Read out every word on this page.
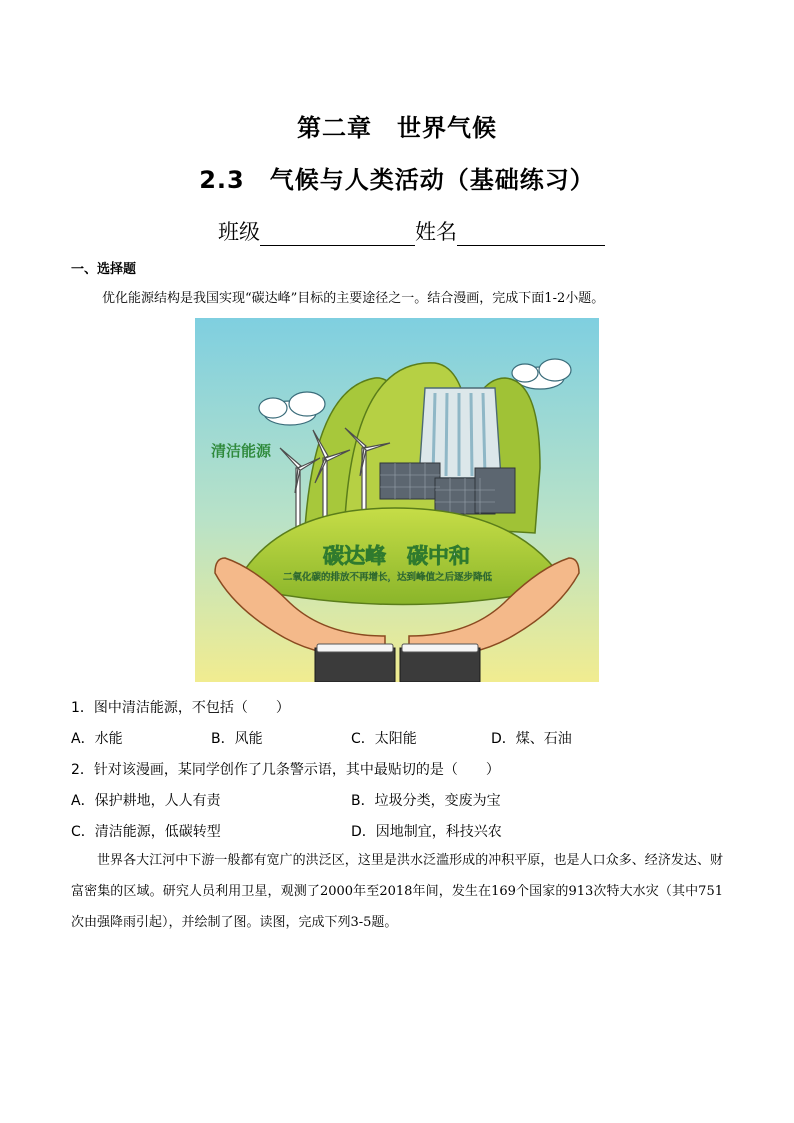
第二章　世界气候
2.3　气候与人类活动（基础练习）
班级	姓名
一、选择题
优化能源结构是我国实现“碳达峰”目标的主要途径之一。结合漫画，完成下面1-2小题。
清洁能源
碳达峰　碳中和
二氧化碳的排放不再增长，达到峰值之后逐步降低
1．图中清洁能源，不包括（　　）
A．水能	B．风能	C．太阳能	D．煤、石油
2．针对该漫画，某同学创作了几条警示语，其中最贴切的是（　　）
A．保护耕地，人人有责	B．垃圾分类，变废为宝
C．清洁能源，低碳转型	D．因地制宜，科技兴农
世界各大江河中下游一般都有宽广的洪泛区，这里是洪水泛滥形成的冲积平原，也是人口众多、经济发达、财富密集的区域。研究人员利用卫星，观测了2000年至2018年间，发生在169个国家的913次特大水灾（其中751次由强降雨引起），并绘制了图。读图，完成下列3-5题。
